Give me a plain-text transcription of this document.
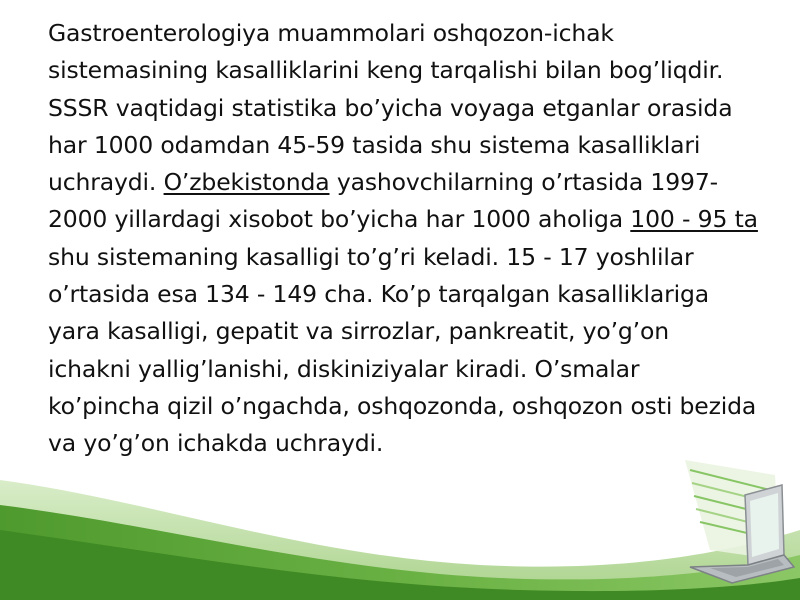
Gastroenterologiya muammolari oshqozon-ichak sistemasining kasalliklarini keng tarqalishi bilan bog’liqdir. SSSR vaqtidagi statistika bo’yicha voyaga etganlar orasida har 1000 odamdan 45-59 tasida shu sistema kasalliklari uchraydi. O’zbekistonda yashovchilarning o’rtasida 1997-2000 yillardagi xisobot bo’yicha har 1000 aholiga 100 - 95 ta shu sistemaning kasalligi to’g’ri keladi. 15 - 17 yoshlilar o’rtasida esa 134 - 149 cha. Ko’p tarqalgan kasalliklariga yara kasalligi, gepatit va sirrozlar, pankreatit, yo’g’on ichakni yallig’lanishi, diskiniziyalar kiradi. O’smalar ko’pincha qizil o’ngachda, oshqozonda, oshqozon osti bezida va yo’g’on ichakda uchraydi.
